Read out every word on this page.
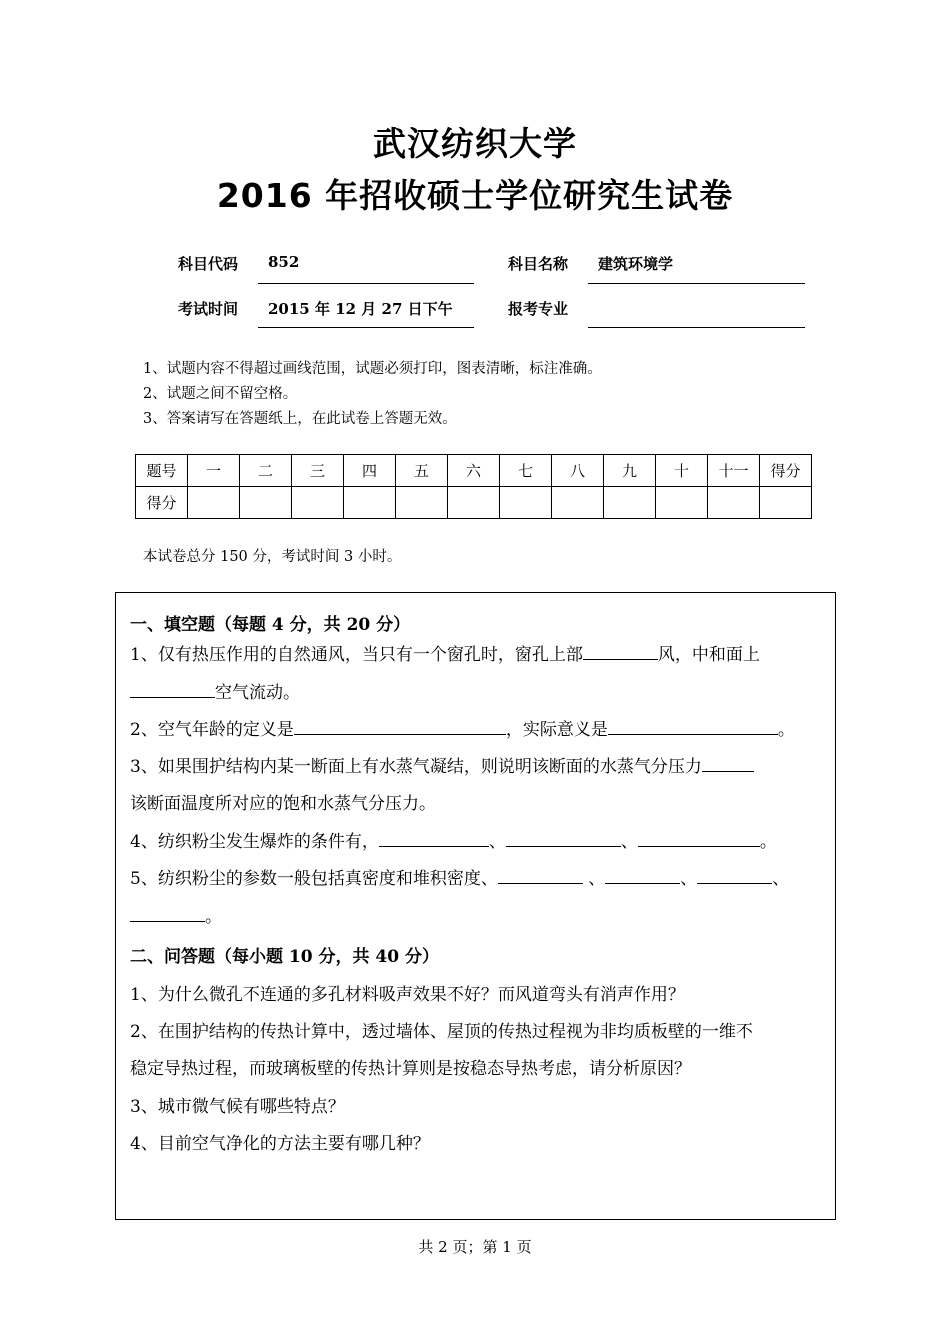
武汉纺织大学
2016 年招收硕士学位研究生试卷
科目代码 852	科目名称 建筑环境学
考试时间 2015 年 12 月 27 日下午	报考专业
1、试题内容不得超过画线范围，试题必须打印，图表清晰，标注准确。
2、试题之间不留空格。
3、答案请写在答题纸上，在此试卷上答题无效。
题号	一	二	三	四	五	六	七	八	九	十	十一	得分
得分												
本试卷总分 150 分，考试时间 3 小时。
一、填空题（每题 4 分，共 20 分）
1、仅有热压作用的自然通风，当只有一个窗孔时，窗孔上部	风，中和面上
空气流动。
2、空气年龄的定义是	，实际意义是	。
3、如果围护结构内某一断面上有水蒸气凝结，则说明该断面的水蒸气分压力
该断面温度所对应的饱和水蒸气分压力。
4、纺织粉尘发生爆炸的条件有，	、	、	。
5、纺织粉尘的参数一般包括真密度和堆积密度、	、	、	、
。
二、问答题（每小题 10 分，共 40 分）
1、为什么微孔不连通的多孔材料吸声效果不好？而风道弯头有消声作用？
2、在围护结构的传热计算中，透过墙体、屋顶的传热过程视为非均质板壁的一维不
稳定导热过程，而玻璃板壁的传热计算则是按稳态导热考虑，请分析原因？
3、城市微气候有哪些特点？
4、目前空气净化的方法主要有哪几种？
共 2 页；第 1 页
